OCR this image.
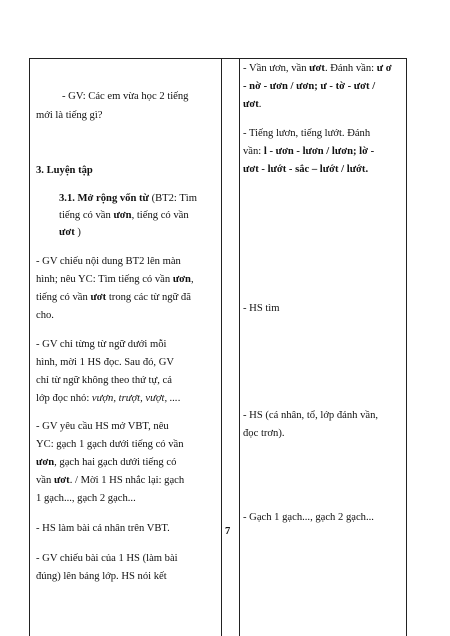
- GV: Các em vừa học 2 tiếng
mới là tiếng gì?
3. Luyện tập
3.1. Mở rộng vốn từ (BT2: Tìm
tiếng có vần ươn, tiếng có vần
ươt )
- GV chiếu nội dung BT2 lên màn
hình; nêu YC: Tìm tiếng có vần ươn,
tiếng có vần ươt trong các từ ngữ đã
cho.
- GV chỉ từng từ ngữ dưới mỗi
hình, mời 1 HS đọc. Sau đó, GV
chỉ từ ngữ không theo thứ tự, cả
lớp đọc nhỏ: vượn, trượt, vượt, ....
- GV yêu cầu HS mở VBT, nêu
YC: gạch 1 gạch dưới tiếng có vần
ươn, gạch hai gạch dưới tiếng có
vần ươt. / Mời 1 HS nhắc lại: gạch
1 gạch..., gạch 2 gạch...
- HS làm bài cá nhân trên VBT.
- GV chiếu bài của 1 HS (làm bài
đúng) lên bảng lớp. HS nói kết
7
- Vần ươn, vần ươt. Đánh vần: ư ơ
- nờ - ươn / ươn; ư - tờ - ươt /
ươt.
- Tiếng lươn, tiếng lướt. Đánh
vần: l - ươn - lươn / lươn; lờ -
ươt - lướt - sắc – lướt / lướt.
- HS tìm
- HS (cá nhân, tổ, lớp đánh vần,
đọc trơn).
- Gạch 1 gạch..., gạch 2 gạch...
